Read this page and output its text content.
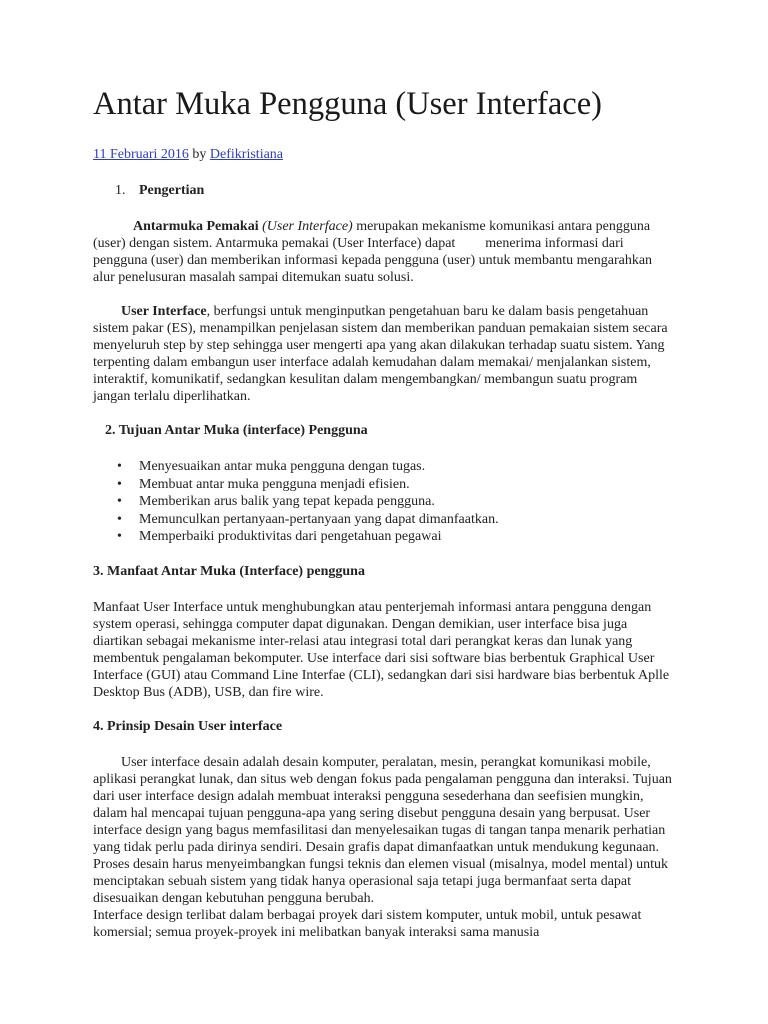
Antar Muka Pengguna (User Interface)
11 Februari 2016 by Defikristiana
1. Pengertian

Antarmuka Pemakai (User Interface) merupakan mekanisme komunikasi antara pengguna (user) dengan sistem. Antarmuka pemakai (User Interface) dapat menerima informasi dari pengguna (user) dan memberikan informasi kepada pengguna (user) untuk membantu mengarahkan alur penelusuran masalah sampai ditemukan suatu solusi.

User Interface, berfungsi untuk menginputkan pengetahuan baru ke dalam basis pengetahuan sistem pakar (ES), menampilkan penjelasan sistem dan memberikan panduan pemakaian sistem secara menyeluruh step by step sehingga user mengerti apa yang akan dilakukan terhadap suatu sistem. Yang terpenting dalam embangun user interface adalah kemudahan dalam memakai/ menjalankan sistem, interaktif, komunikatif, sedangkan kesulitan dalam mengembangkan/ membangun suatu program jangan terlalu diperlihatkan.

2. Tujuan Antar Muka (interface) Pengguna
• Menyesuaikan antar muka pengguna dengan tugas.
• Membuat antar muka pengguna menjadi efisien.
• Memberikan arus balik yang tepat kepada pengguna.
• Memunculkan pertanyaan-pertanyaan yang dapat dimanfaatkan.
• Memperbaiki produktivitas dari pengetahuan pegawai
3. Manfaat Antar Muka (Interface) pengguna

Manfaat User Interface untuk menghubungkan atau penterjemah informasi antara pengguna dengan system operasi, sehingga computer dapat digunakan. Dengan demikian, user interface bisa juga diartikan sebagai mekanisme inter-relasi atau integrasi total dari perangkat keras dan lunak yang membentuk pengalaman bekomputer. Use interface dari sisi software bias berbentuk Graphical User Interface (GUI) atau Command Line Interfae (CLI), sedangkan dari sisi hardware bias berbentuk Aplle Desktop Bus (ADB), USB, dan fire wire.

4. Prinsip Desain User interface

User interface desain adalah desain komputer, peralatan, mesin, perangkat komunikasi mobile, aplikasi perangkat lunak, dan situs web dengan fokus pada pengalaman pengguna dan interaksi. Tujuan dari user interface design adalah membuat interaksi pengguna sesederhana dan seefisien mungkin, dalam hal mencapai tujuan pengguna-apa yang sering disebut pengguna desain yang berpusat. User interface design yang bagus memfasilitasi dan menyelesaikan tugas di tangan tanpa menarik perhatian yang tidak perlu pada dirinya sendiri. Desain grafis dapat dimanfaatkan untuk mendukung kegunaan. Proses desain harus menyeimbangkan fungsi teknis dan elemen visual (misalnya, model mental) untuk menciptakan sebuah sistem yang tidak hanya operasional saja tetapi juga bermanfaat serta dapat disesuaikan dengan kebutuhan pengguna berubah.

Interface design terlibat dalam berbagai proyek dari sistem komputer, untuk mobil, untuk pesawat komersial; semua proyek-proyek ini melibatkan banyak interaksi sama manusia
